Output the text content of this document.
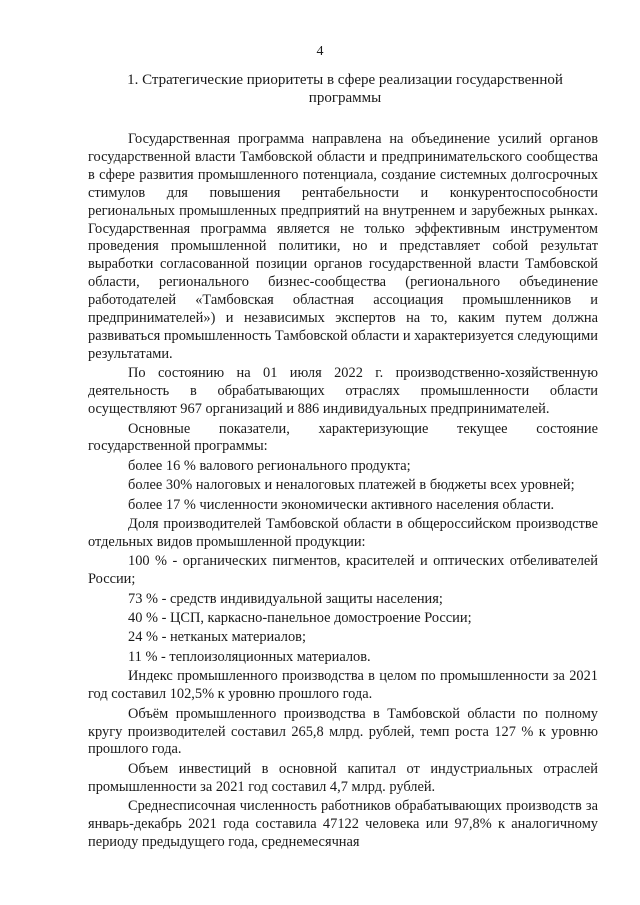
4
1. Стратегические приоритеты в сфере реализации государственной программы

Государственная программа направлена на объединение усилий органов государственной власти Тамбовской области и предпринимательского сообщества в сфере развития промышленного потенциала, создание системных долгосрочных стимулов для повышения рентабельности и конкурентоспособности региональных промышленных предприятий на внутреннем и зарубежных рынках. Государственная программа является не только эффективным инструментом проведения промышленной политики, но и представляет собой результат выработки согласованной позиции органов государственной власти Тамбовской области, регионального бизнес-сообщества (регионального объединение работодателей «Тамбовская областная ассоциация промышленников и предпринимателей») и независимых экспертов на то, каким путем должна развиваться промышленность Тамбовской области и характеризуется следующими результатами.

По состоянию на 01 июля 2022 г. производственно-хозяйственную деятельность в обрабатывающих отраслях промышленности области осуществляют 967 организаций и 886 индивидуальных предпринимателей.

Основные показатели, характеризующие текущее состояние государственной программы:

более 16 % валового регионального продукта;

более 30% налоговых и неналоговых платежей в бюджеты всех уровней;

более 17 % численности экономически активного населения области.

Доля производителей Тамбовской области в общероссийском производстве отдельных видов промышленной продукции:

100 % - органических пигментов, красителей и оптических отбеливателей России;

73 % - средств индивидуальной защиты населения;

40 % - ЦСП, каркасно-панельное домостроение России;

24 % - нетканых материалов;

11 % - теплоизоляционных материалов.

Индекс промышленного производства в целом по промышленности за 2021 год составил 102,5% к уровню прошлого года.

Объём промышленного производства в Тамбовской области по полному кругу производителей составил 265,8 млрд. рублей, темп роста 127 % к уровню прошлого года.

Объем инвестиций в основной капитал от индустриальных отраслей промышленности за 2021 год составил 4,7 млрд. рублей.

Среднесписочная численность работников обрабатывающих производств за январь-декабрь 2021 года составила 47122 человека или 97,8% к аналогичному периоду предыдущего года, среднемесячная
